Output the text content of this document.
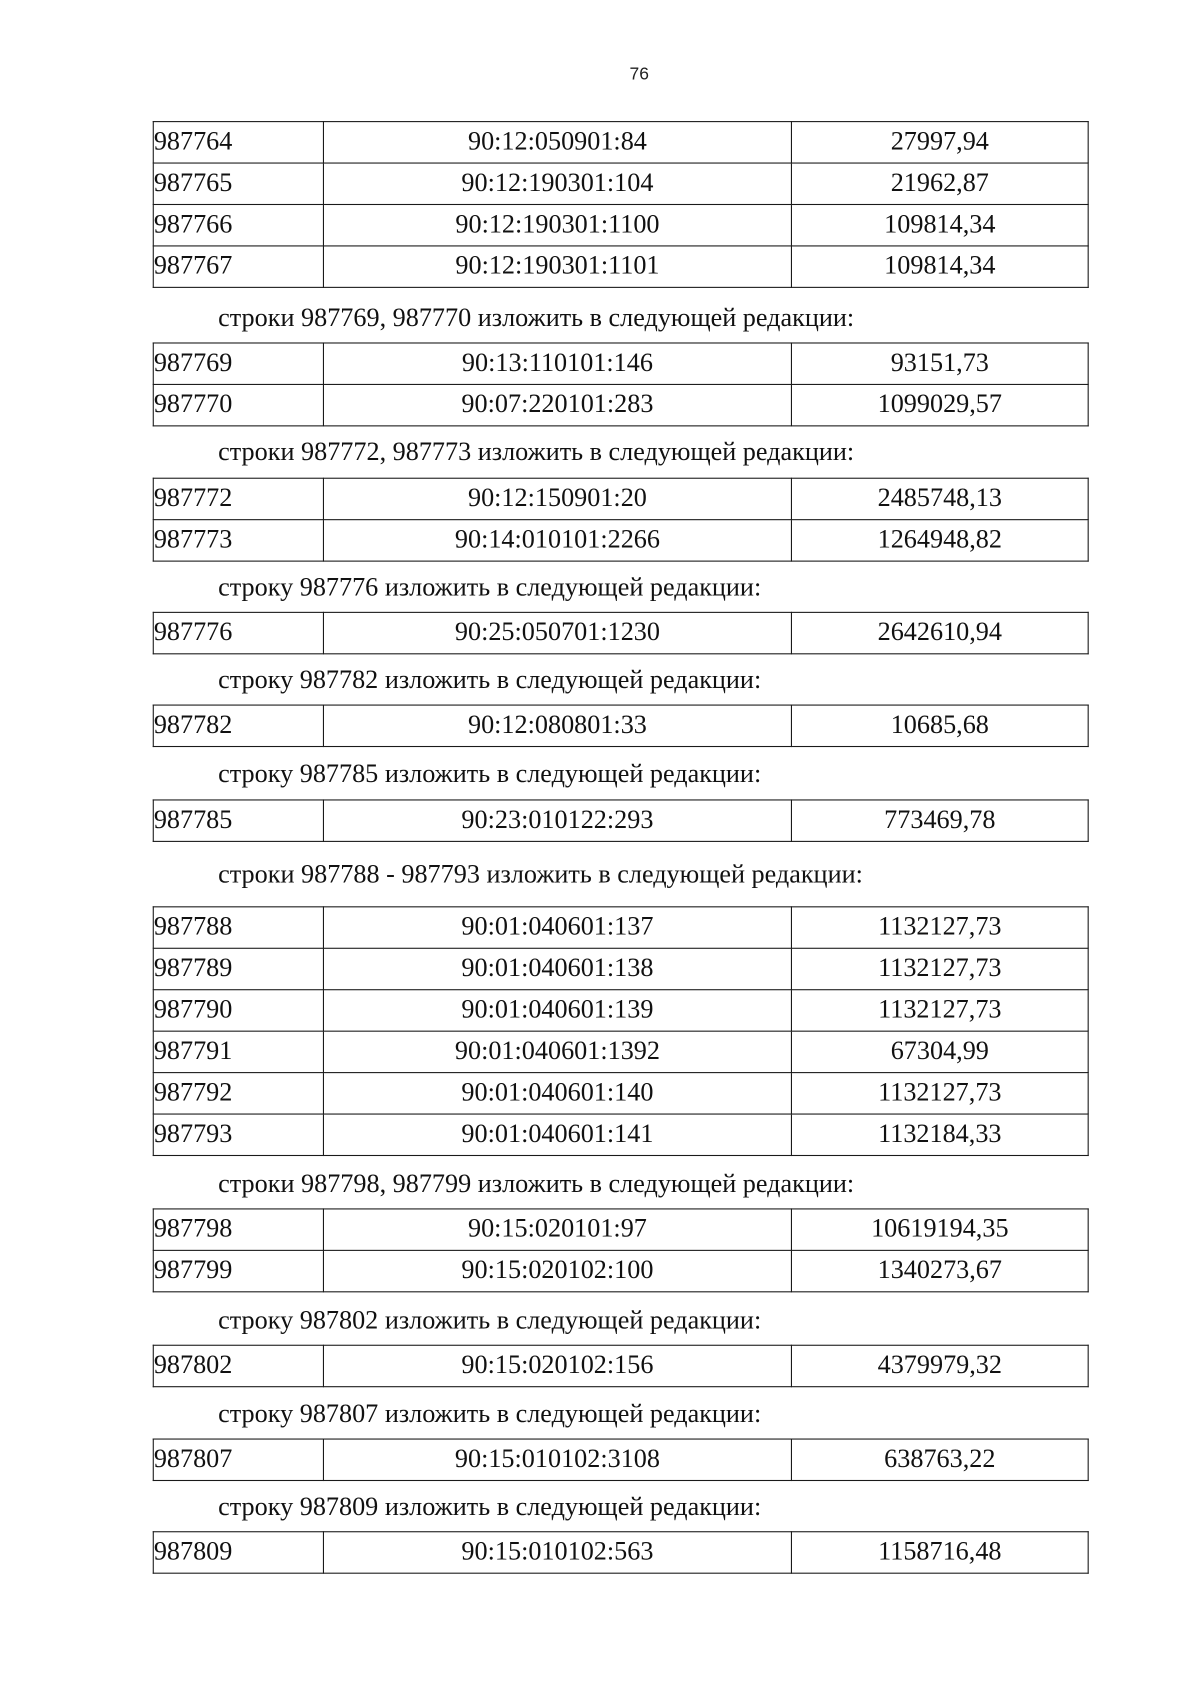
76
987764	90:12:050901:84	27997,94
987765	90:12:190301:104	21962,87
987766	90:12:190301:1100	109814,34
987767	90:12:190301:1101	109814,34
строки 987769, 987770 изложить в следующей редакции:
987769	90:13:110101:146	93151,73
987770	90:07:220101:283	1099029,57
строки 987772, 987773 изложить в следующей редакции:
987772	90:12:150901:20	2485748,13
987773	90:14:010101:2266	1264948,82
строку 987776 изложить в следующей редакции:
987776	90:25:050701:1230	2642610,94
строку 987782 изложить в следующей редакции:
987782	90:12:080801:33	10685,68
строку 987785 изложить в следующей редакции:
987785	90:23:010122:293	773469,78
строки 987788 - 987793 изложить в следующей редакции:
987788	90:01:040601:137	1132127,73
987789	90:01:040601:138	1132127,73
987790	90:01:040601:139	1132127,73
987791	90:01:040601:1392	67304,99
987792	90:01:040601:140	1132127,73
987793	90:01:040601:141	1132184,33
строки 987798, 987799 изложить в следующей редакции:
987798	90:15:020101:97	10619194,35
987799	90:15:020102:100	1340273,67
строку 987802 изложить в следующей редакции:
987802	90:15:020102:156	4379979,32
строку 987807 изложить в следующей редакции:
987807	90:15:010102:3108	638763,22
строку 987809 изложить в следующей редакции:
987809	90:15:010102:563	1158716,48
